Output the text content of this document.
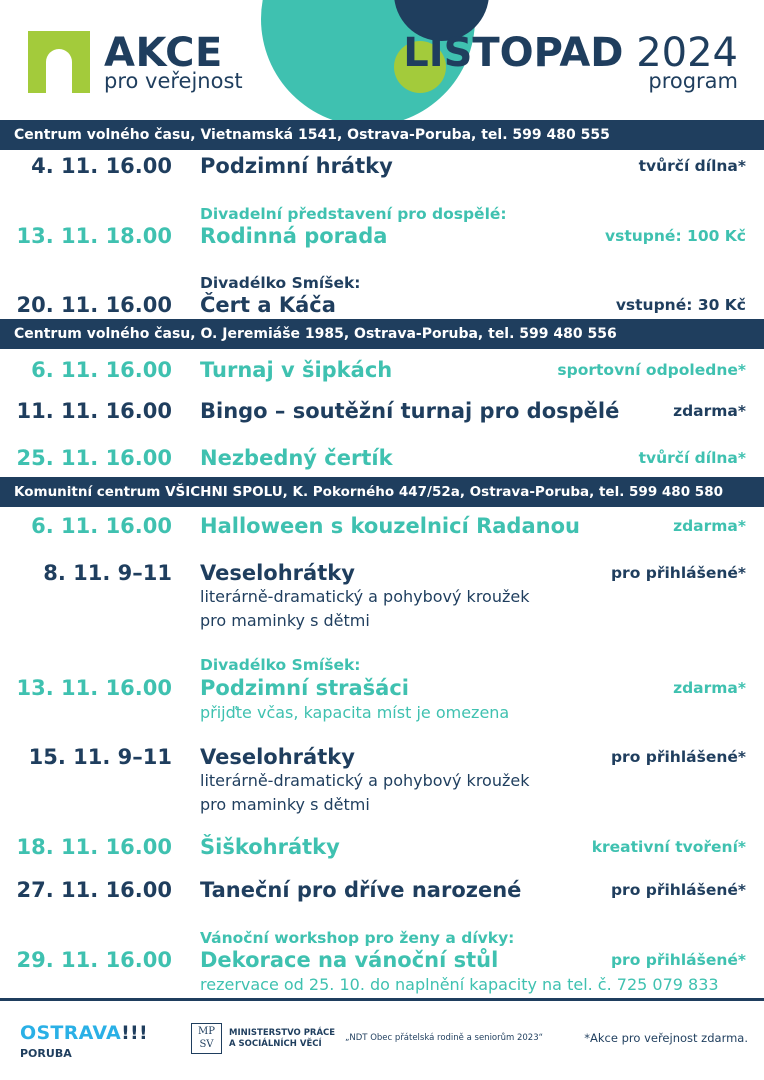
AKCE
pro veřejnost
LISTOPAD 2024
program
Centrum volného času, Vietnamská 1541, Ostrava-Poruba, tel. 599 480 555
4. 11. 16.00 Podzimní hrátky	tvůrčí dílna*
Divadelní představení pro dospělé:
13. 11. 18.00 Rodinná porada	vstupné: 100 Kč
Divadélko Smíšek:
20. 11. 16.00 Čert a Káča	vstupné: 30 Kč
Centrum volného času, O. Jeremiáše 1985, Ostrava-Poruba, tel. 599 480 556
6. 11. 16.00 Turnaj v šipkách	sportovní odpoledne*
11. 11. 16.00 Bingo – soutěžní turnaj pro dospělé	zdarma*
25. 11. 16.00 Nezbedný čertík	tvůrčí dílna*
Komunitní centrum VŠICHNI SPOLU, K. Pokorného 447/52a, Ostrava-Poruba, tel. 599 480 580
6. 11. 16.00 Halloween s kouzelnicí Radanou	zdarma*
8. 11. 9–11 Veselohrátky	pro přihlášené*
literárně-dramatický a pohybový kroužek
pro maminky s dětmi
Divadélko Smíšek:
13. 11. 16.00 Podzimní strašáci	zdarma*
přijďte včas, kapacita míst je omezena
15. 11. 9–11 Veselohrátky	pro přihlášené*
literárně-dramatický a pohybový kroužek
pro maminky s dětmi
18. 11. 16.00 Šiškohrátky	kreativní tvoření*
27. 11. 16.00 Taneční pro dříve narozené	pro přihlášené*
Vánoční workshop pro ženy a dívky:
29. 11. 16.00 Dekorace na vánoční stůl	pro přihlášené*
rezervace od 25. 10. do naplnění kapacity na tel. č. 725 079 833
OSTRAVA!!!
PORUBA
MP
SV
MINISTERSTVO PRÁCE
A SOCIÁLNÍCH VĚCÍ
„NDT Obec přátelská rodině a seniorům 2023“	*Akce pro veřejnost zdarma.
